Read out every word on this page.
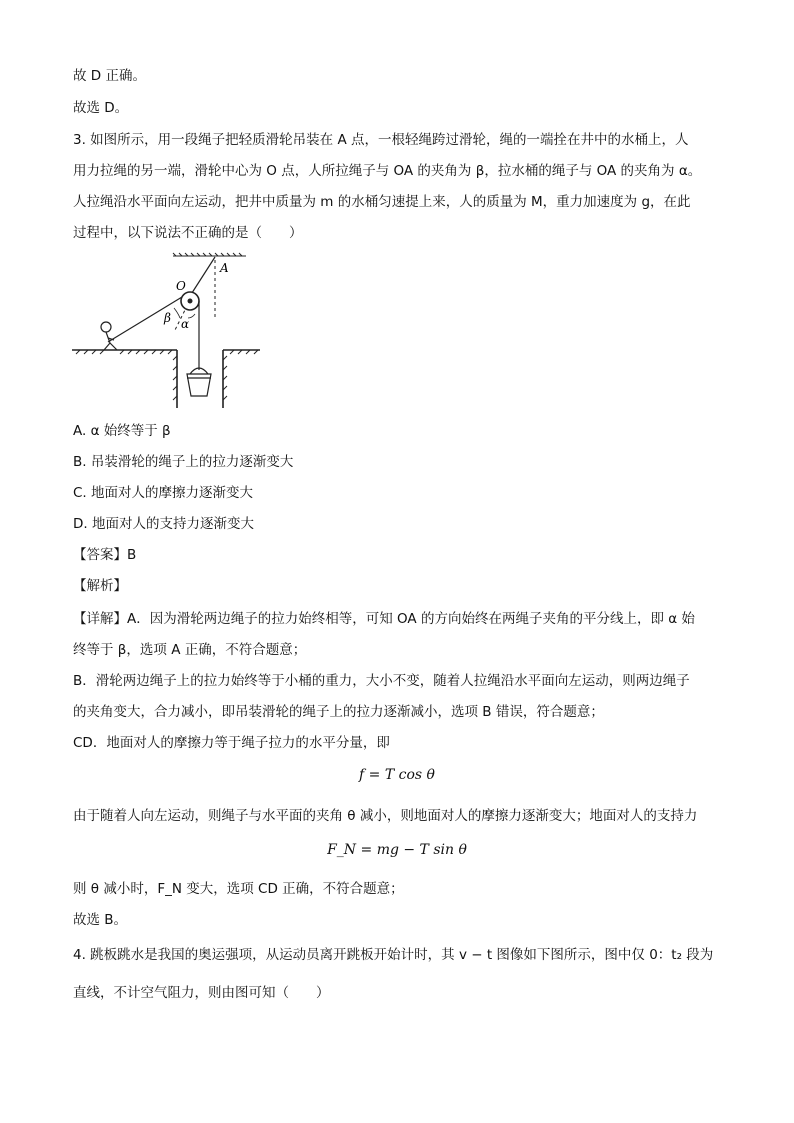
故 D 正确。
故选 D。
3. 如图所示，用一段绳子把轻质滑轮吊装在 A 点，一根轻绳跨过滑轮，绳的一端拴在井中的水桶上，人
用力拉绳的另一端，滑轮中心为 O 点，人所拉绳子与 OA 的夹角为 β，拉水桶的绳子与 OA 的夹角为 α。
人拉绳沿水平面向左运动，把井中质量为 m 的水桶匀速提上来，人的质量为 M，重力加速度为 g，在此
过程中，以下说法不正确的是（　　）
A
O
β α
A. α 始终等于 β
B. 吊装滑轮的绳子上的拉力逐渐变大
C. 地面对人的摩擦力逐渐变大
D. 地面对人的支持力逐渐变大
【答案】B
【解析】
【详解】A．因为滑轮两边绳子的拉力始终相等，可知 OA 的方向始终在两绳子夹角的平分线上，即 α 始
终等于 β，选项 A 正确，不符合题意；
B．滑轮两边绳子上的拉力始终等于小桶的重力，大小不变，随着人拉绳沿水平面向左运动，则两边绳子
的夹角变大，合力减小，即吊装滑轮的绳子上的拉力逐渐减小，选项 B 错误，符合题意；
CD．地面对人的摩擦力等于绳子拉力的水平分量，即
f = T cos θ
由于随着人向左运动，则绳子与水平面的夹角 θ 减小，则地面对人的摩擦力逐渐变大；地面对人的支持力
F_N = mg − T sin θ
则 θ 减小时，F_N 变大，选项 CD 正确，不符合题意；
故选 B。
4. 跳板跳水是我国的奥运强项，从运动员离开跳板开始计时，其 v − t 图像如下图所示，图中仅 0：t₂ 段为
直线，不计空气阻力，则由图可知（　　）
